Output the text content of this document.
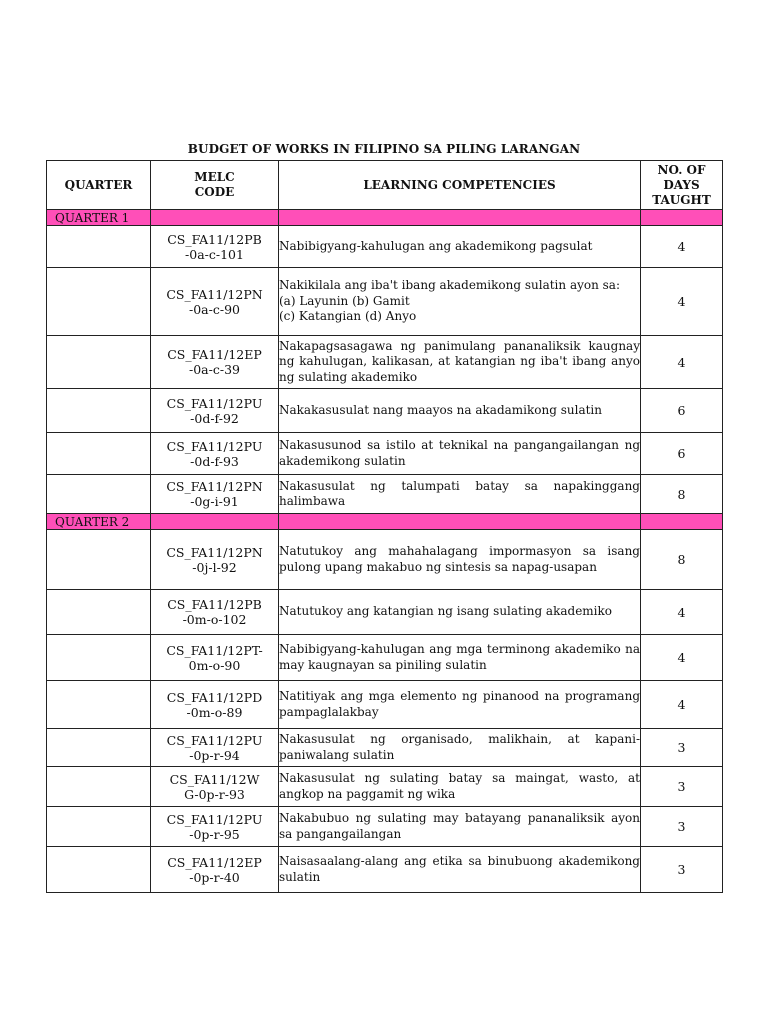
BUDGET OF WORKS IN FILIPINO SA PILING LARANGAN
QUARTER	MELC
CODE	LEARNING COMPETENCIES	NO. OF
DAYS
TAUGHT
QUARTER 1			
	CS_FA11/12PB
-0a-c-101	Nabibigyang-kahulugan ang akademikong pagsulat	4
	CS_FA11/12PN
-0a-c-90	Nakikilala ang iba't ibang akademikong sulatin ayon sa:
(a) Layunin (b) Gamit
(c) Katangian (d) Anyo	4
	CS_FA11/12EP
-0a-c-39	Nakapagsasagawa ng panimulang pananaliksik kaugnay ng kahulugan, kalikasan, at katangian ng iba't ibang anyo ng sulating akademiko	4
	CS_FA11/12PU
-0d-f-92	Nakakasusulat nang maayos na akadamikong sulatin	6
	CS_FA11/12PU
-0d-f-93	Nakasusunod sa istilo at teknikal na pangangailangan ng akademikong sulatin	6
	CS_FA11/12PN
-0g-i-91	Nakasusulat ng talumpati batay sa napakinggang halimbawa	8
QUARTER 2			
	CS_FA11/12PN
-0j-l-92	Natutukoy ang mahahalagang impormasyon sa isang pulong upang makabuo ng sintesis sa napag-usapan	8
	CS_FA11/12PB
-0m-o-102	Natutukoy ang katangian ng isang sulating akademiko	4
	CS_FA11/12PT-
0m-o-90	Nabibigyang-kahulugan ang mga terminong akademiko na may kaugnayan sa piniling sulatin	4
	CS_FA11/12PD
-0m-o-89	Natitiyak ang mga elemento ng pinanood na programang pampaglalakbay	4
	CS_FA11/12PU
-0p-r-94	Nakasusulat ng organisado, malikhain, at kapani-paniwalang sulatin	3
	CS_FA11/12W
G-0p-r-93	Nakasusulat ng sulating batay sa maingat, wasto, at angkop na paggamit ng wika	3
	CS_FA11/12PU
-0p-r-95	Nakabubuo ng sulating may batayang pananaliksik ayon sa pangangailangan	3
	CS_FA11/12EP
-0p-r-40	Naisasaalang-alang ang etika sa binubuong akademikong sulatin	3
